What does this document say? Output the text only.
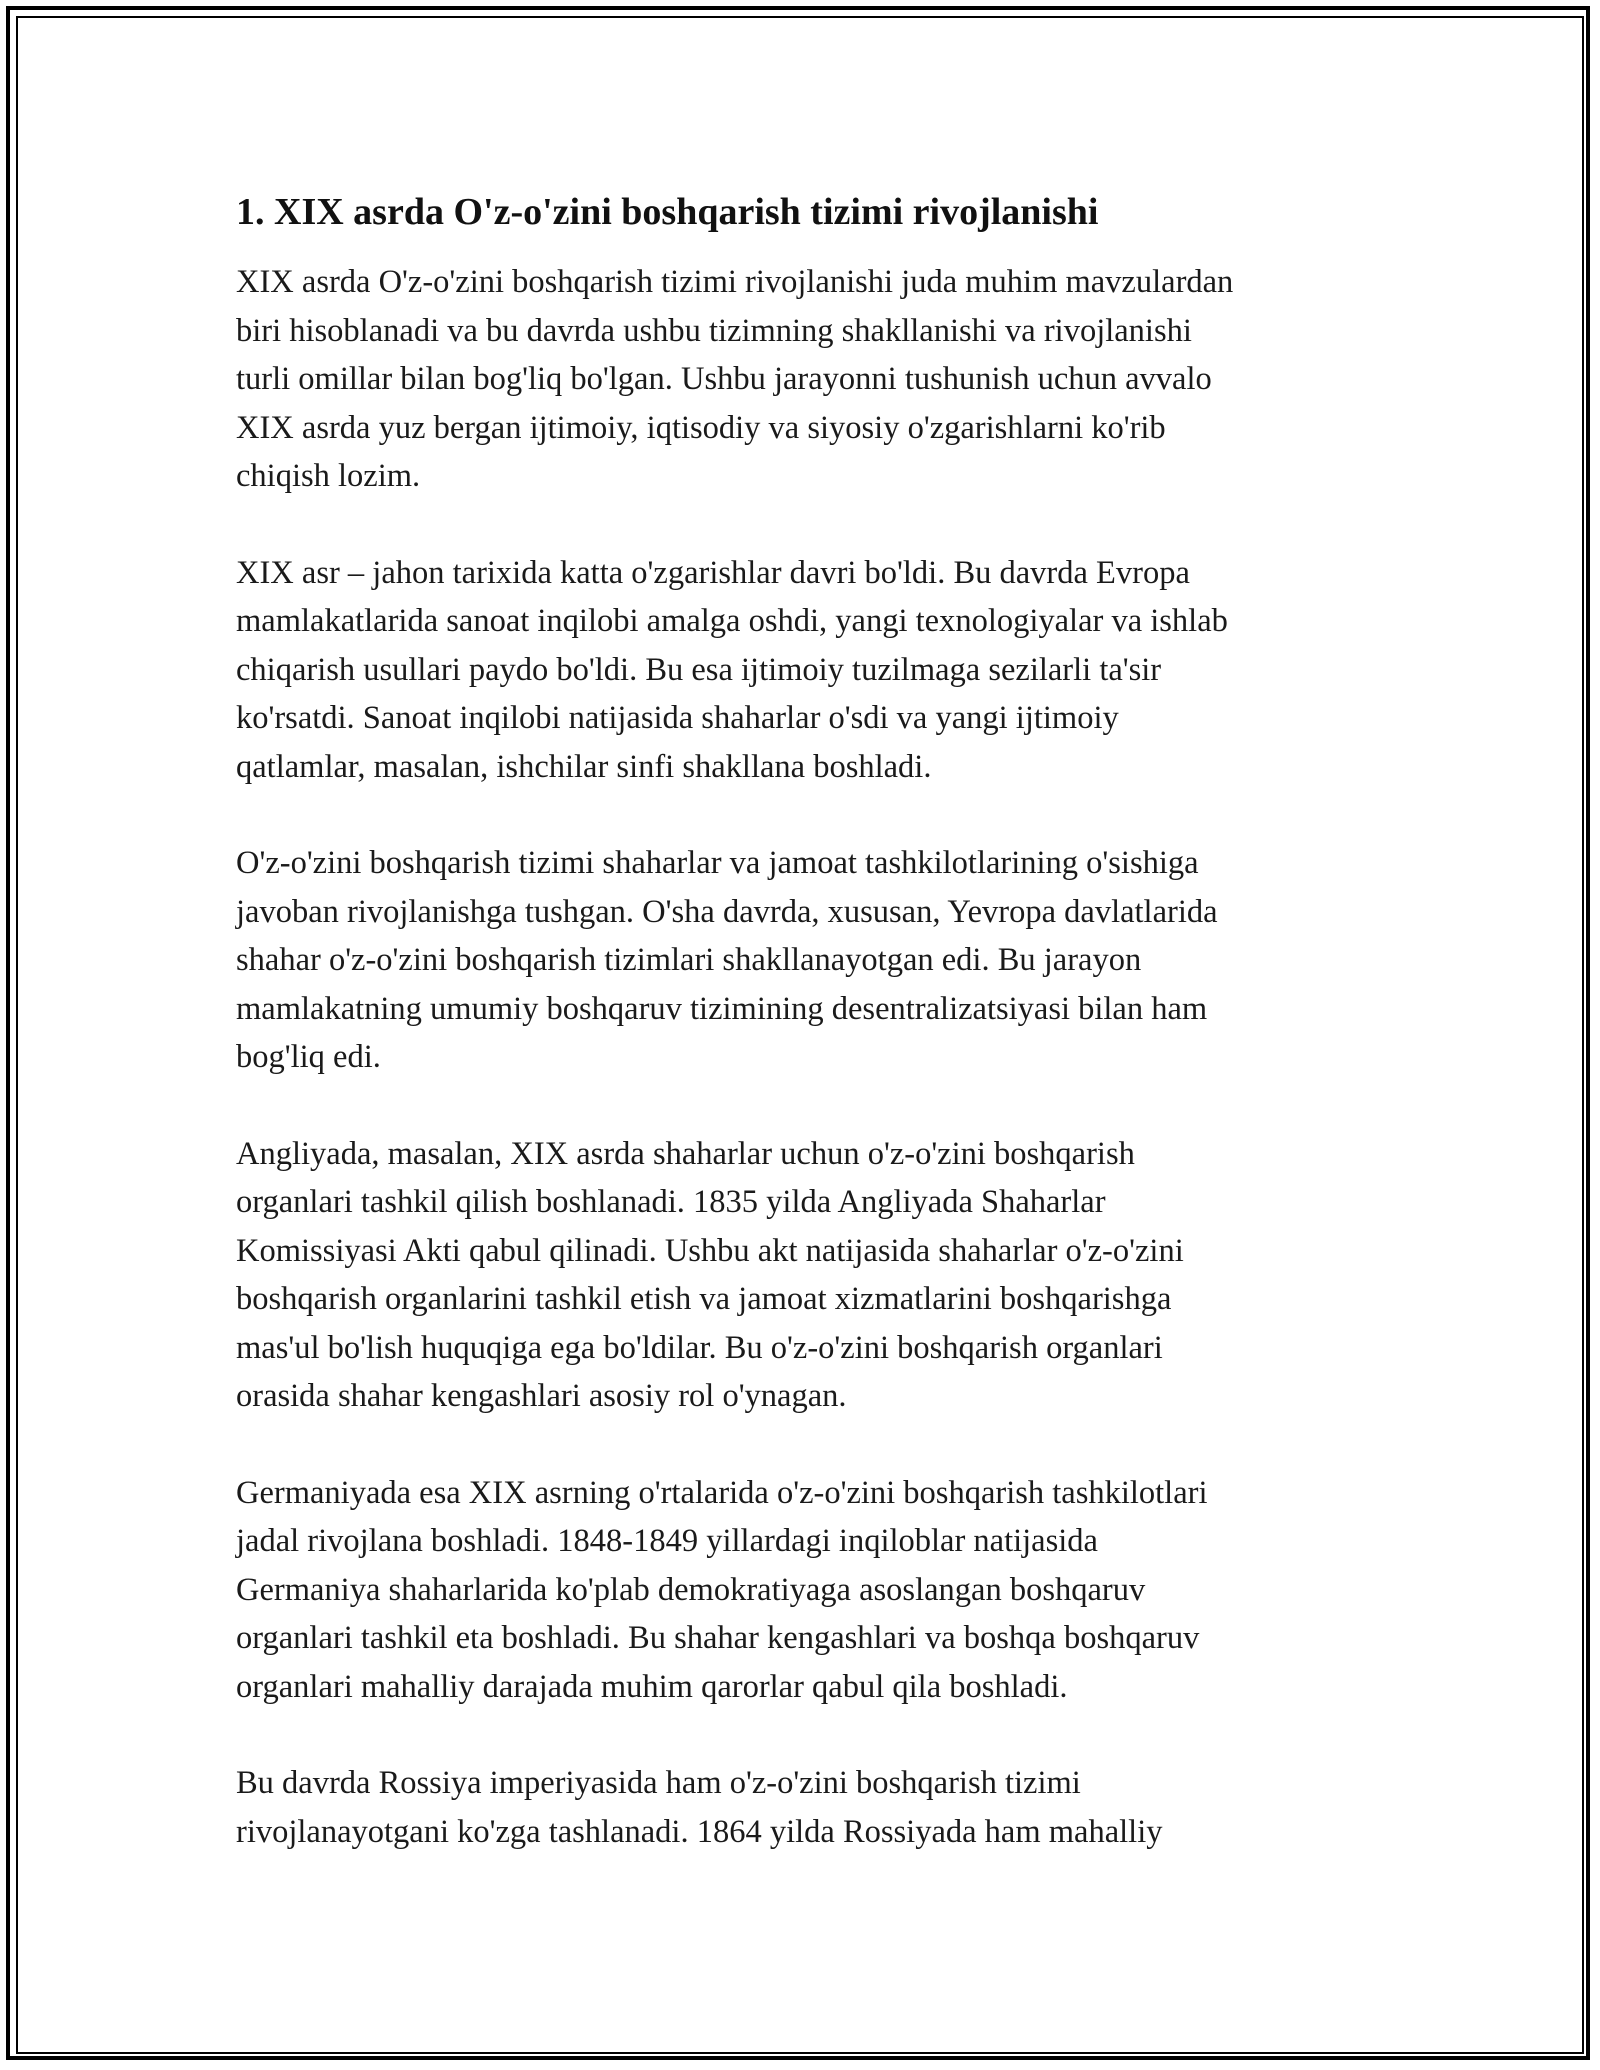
1. XIX asrda O'z-o'zini boshqarish tizimi rivojlanishi
XIX asrda O'z-o'zini boshqarish tizimi rivojlanishi juda muhim mavzulardan
biri hisoblanadi va bu davrda ushbu tizimning shakllanishi va rivojlanishi
turli omillar bilan bog'liq bo'lgan. Ushbu jarayonni tushunish uchun avvalo
XIX asrda yuz bergan ijtimoiy, iqtisodiy va siyosiy o'zgarishlarni ko'rib
chiqish lozim.
XIX asr – jahon tarixida katta o'zgarishlar davri bo'ldi. Bu davrda Evropa
mamlakatlarida sanoat inqilobi amalga oshdi, yangi texnologiyalar va ishlab
chiqarish usullari paydo bo'ldi. Bu esa ijtimoiy tuzilmaga sezilarli ta'sir
ko'rsatdi. Sanoat inqilobi natijasida shaharlar o'sdi va yangi ijtimoiy
qatlamlar, masalan, ishchilar sinfi shakllana boshladi.
O'z-o'zini boshqarish tizimi shaharlar va jamoat tashkilotlarining o'sishiga
javoban rivojlanishga tushgan. O'sha davrda, xususan, Yevropa davlatlarida
shahar o'z-o'zini boshqarish tizimlari shakllanayotgan edi. Bu jarayon
mamlakatning umumiy boshqaruv tizimining desentralizatsiyasi bilan ham
bog'liq edi.
Angliyada, masalan, XIX asrda shaharlar uchun o'z-o'zini boshqarish
organlari tashkil qilish boshlanadi. 1835 yilda Angliyada Shaharlar
Komissiyasi Akti qabul qilinadi. Ushbu akt natijasida shaharlar o'z-o'zini
boshqarish organlarini tashkil etish va jamoat xizmatlarini boshqarishga
mas'ul bo'lish huquqiga ega bo'ldilar. Bu o'z-o'zini boshqarish organlari
orasida shahar kengashlari asosiy rol o'ynagan.
Germaniyada esa XIX asrning o'rtalarida o'z-o'zini boshqarish tashkilotlari
jadal rivojlana boshladi. 1848-1849 yillardagi inqiloblar natijasida
Germaniya shaharlarida ko'plab demokratiyaga asoslangan boshqaruv
organlari tashkil eta boshladi. Bu shahar kengashlari va boshqa boshqaruv
organlari mahalliy darajada muhim qarorlar qabul qila boshladi.
Bu davrda Rossiya imperiyasida ham o'z-o'zini boshqarish tizimi
rivojlanayotgani ko'zga tashlanadi. 1864 yilda Rossiyada ham mahalliy
